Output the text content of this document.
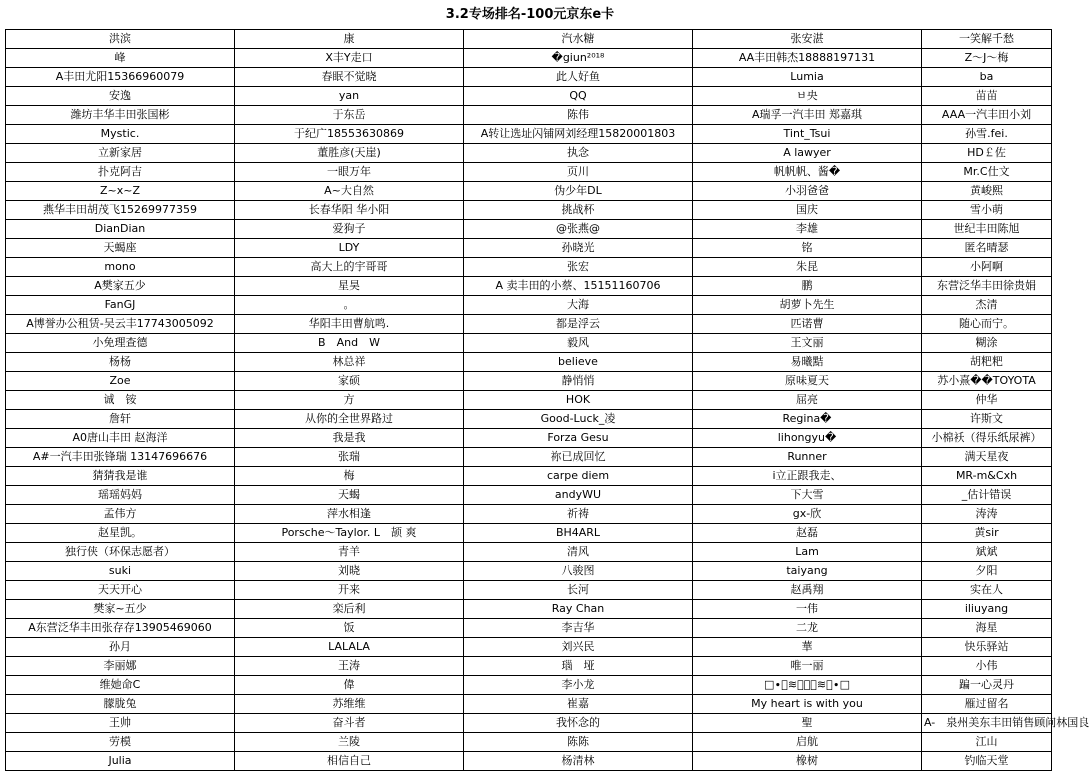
3.2专场排名-100元京东e卡
洪滨	康	汽水糖	张安湛	一笑解千愁
峰	X丰Y走口	�giun²⁰¹⁸	AA丰田韩杰18888197131	Z～J～梅
A丰田尤阳15366960079	春眠不觉晓	此人好鱼	Lumia	ba
安逸	yan	QQ	ㅂ央	苗苗
潍坊丰华丰田张国彬	于东岳	陈伟	A瑞孚一汽丰田 郑嘉琪	AAA一汽丰田小刘
Mystic.	于纪广18553630869	A转让选址闪铺网刘经理15820001803	Tint_Tsui	孙雪.fei.
立新家居	董胜彦(天崖)	执念	A lawyer	HD￡佐
扑克阿吉	一眼万年	页川	帆帆帆、酱�	Mr.C仕文
Z~x~Z	A~大自然	伪少年DL	小羽爸爸	黄峻熙
燕华丰田胡茂飞15269977359	长春华阳 华小阳	挑战杯	国庆	雪小萌
DianDian	爱狗子	@张燕@	李雄	世纪丰田陈旭
天蝎座	LDY	孙晓光	铭	匿名晴瑟
mono	高大上的宇哥哥	张宏	朱昆	小阿啊
A樊家五少	星昊	A 卖丰田的小蔡、15151160706	鹏	东营泛华丰田徐贵娟
FanGJ	。	大海	胡萝卜先生	杰清
A博誉办公租赁-吴云丰17743005092	华阳丰田曹航鸣.	都是浮云	匹诺曹	随心而宁。
小免理查德	B　And　W	毅风	王文丽	糊涂
杨杨	林总祥	believe	易曦黠	胡粑粑
Zoe	家硕	静悄悄	原味夏天	苏小熹��TOYOTA
诚　铵	方	HOK	屈亮	仲华
詹轩	从你的全世界路过	Good-Luck_凌	Regina�	许斯文
A0唐山丰田 赵海洋	我是我	Forza Gesu	lihongyu�	小棉袄（得乐纸尿裤）
A#一汽丰田张锋瑞 13147696676	张瑞	祢已成回忆	Runner	满天星夜
猜猜我是谁	梅	carpe diem	i立正跟我走、	MR-m&Cxh
瑶瑶妈妈	天蝎	andyWU	下大雪	_估计错误
孟伟方	萍水相逢	祈祷	gx-欣	涛涛
赵星凯。	Porsche～Taylor. L　颉 爽	BH4ARL	赵磊	黄sir
独行侠（环保志愿者）	青羊	清风	Lam	斌斌
suki	刘晓	八骏图	taiyang	夕阳
天天开心	开来	长河	赵禹翔	实在人
樊家~五少	栾后利	Ray Chan	一伟	iliuyang
A东营泛华丰田张存存13905469060	饭	李吉华	二龙	海星
孙月	LALALA	刘兴民	華	快乐驿站
李丽娜	王涛	瑙　垭	唯一丽	小伟
维她命C	偉	李小龙	□∙ี≋ิ็ิ≋ิ∙□	蹁一心灵丹
朦胧兔	苏维维	崔嘉	My heart is with you	雁过留名
王帅	奋斗者	我怀念的	聖	A-　泉州美东丰田销售顾问林国良
劳模	兰陵	陈陈	启航	江山
Julia	相信自己	杨清林	橡树	钓临天堂
